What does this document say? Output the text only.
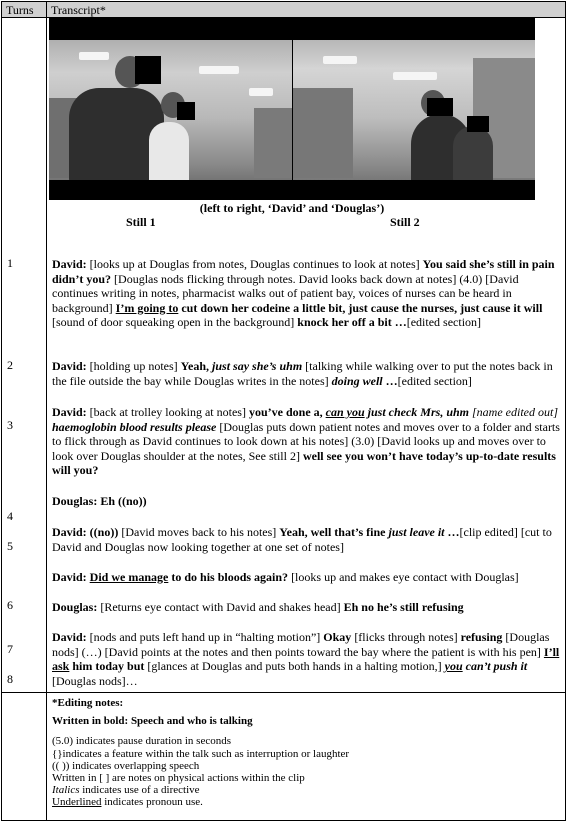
Turns Transcript*
(left to right, ‘David’ and ‘Douglas’)
Still 1	Still 2
1
2
3
4
5
6
7
8
David: [looks up at Douglas from notes, Douglas continues to look at notes] You said she’s still in pain didn’t you? [Douglas nods flicking through notes. David looks back down at notes] (4.0) [David continues writing in notes, pharmacist walks out of patient bay, voices of nurses can be heard in background] I’m going to cut down her codeine a little bit, just cause the nurses, just cause it will [sound of door squeaking open in the background] knock her off a bit …[edited section]
David: [holding up notes] Yeah, just say she’s uhm [talking while walking over to put the notes back in the file outside the bay while Douglas writes in the notes] doing well …[edited section]
David: [back at trolley looking at notes] you’ve done a, can you just check Mrs, uhm [name edited out] haemoglobin blood results please [Douglas puts down patient notes and moves over to a folder and starts to flick through as David continues to look down at his notes] (3.0) [David looks up and moves over to look over Douglas shoulder at the notes, See still 2] well see you won’t have today’s up-to-date results will you?
Douglas: Eh ((no))
David: ((no)) [David moves back to his notes] Yeah, well that’s fine just leave it …[clip edited] [cut to David and Douglas now looking together at one set of notes]
David: Did we manage to do his bloods again? [looks up and makes eye contact with Douglas]
Douglas: [Returns eye contact with David and shakes head] Eh no he’s still refusing
David: [nods and puts left hand up in “halting motion”] Okay [flicks through notes] refusing [Douglas nods] (…) [David points at the notes and then points toward the bay where the patient is with his pen] I’ll ask him today but [glances at Douglas and puts both hands in a halting motion,] you can’t push it [Douglas nods]…
*Editing notes:
Written in bold: Speech and who is talking
(5.0) indicates pause duration in seconds
{}indicates a feature within the talk such as interruption or laughter
(( )) indicates overlapping speech
Written in [ ] are notes on physical actions within the clip
Italics indicates use of a directive
Underlined indicates pronoun use.
